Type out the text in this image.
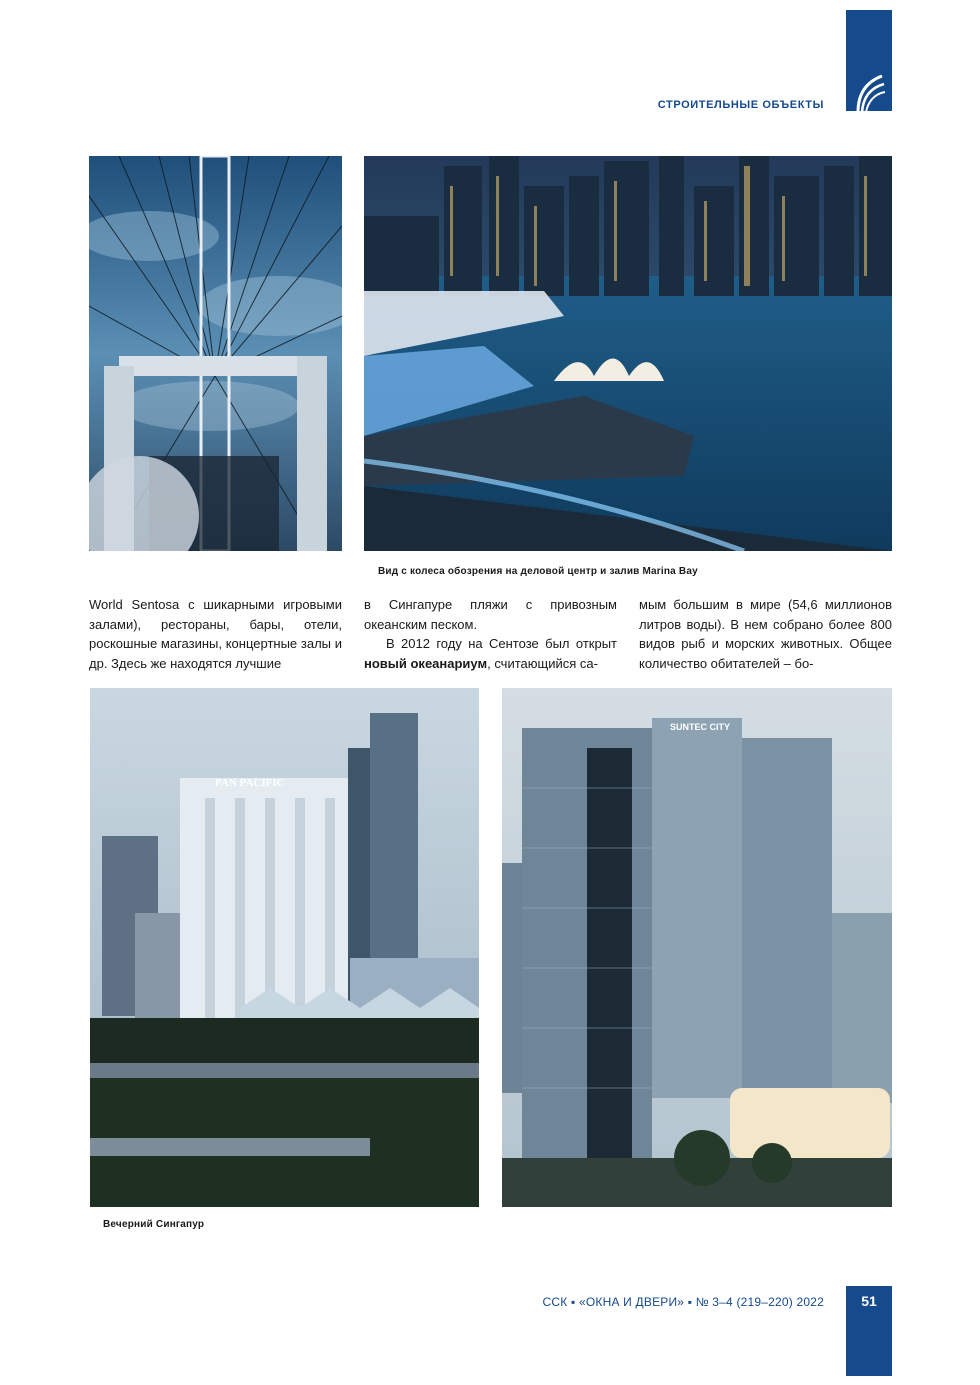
СТРОИТЕЛЬНЫЕ ОБЪЕКТЫ
Вид с колеса обозрения на деловой центр и залив Marina Bay

World Sentosa с шикарными игровыми залами), рестораны, бары, отели, роскошные магазины, концертные залы и др. Здесь же находятся лучшие

в Сингапуре пляжи с привозным океанским песком.

В 2012 году на Сентозе был открыт новый океанариум, считающийся са-

мым большим в мире (54,6 миллионов литров воды). В нем собрано более 800 видов рыб и морских животных. Общее количество обитателей – бо-

PAN PACIFIC
SUNTEC CITY
Вечерний Сингапур
ССК ▪ «ОКНА И ДВЕРИ» ▪ № 3–4 (219–220) 2022	51
